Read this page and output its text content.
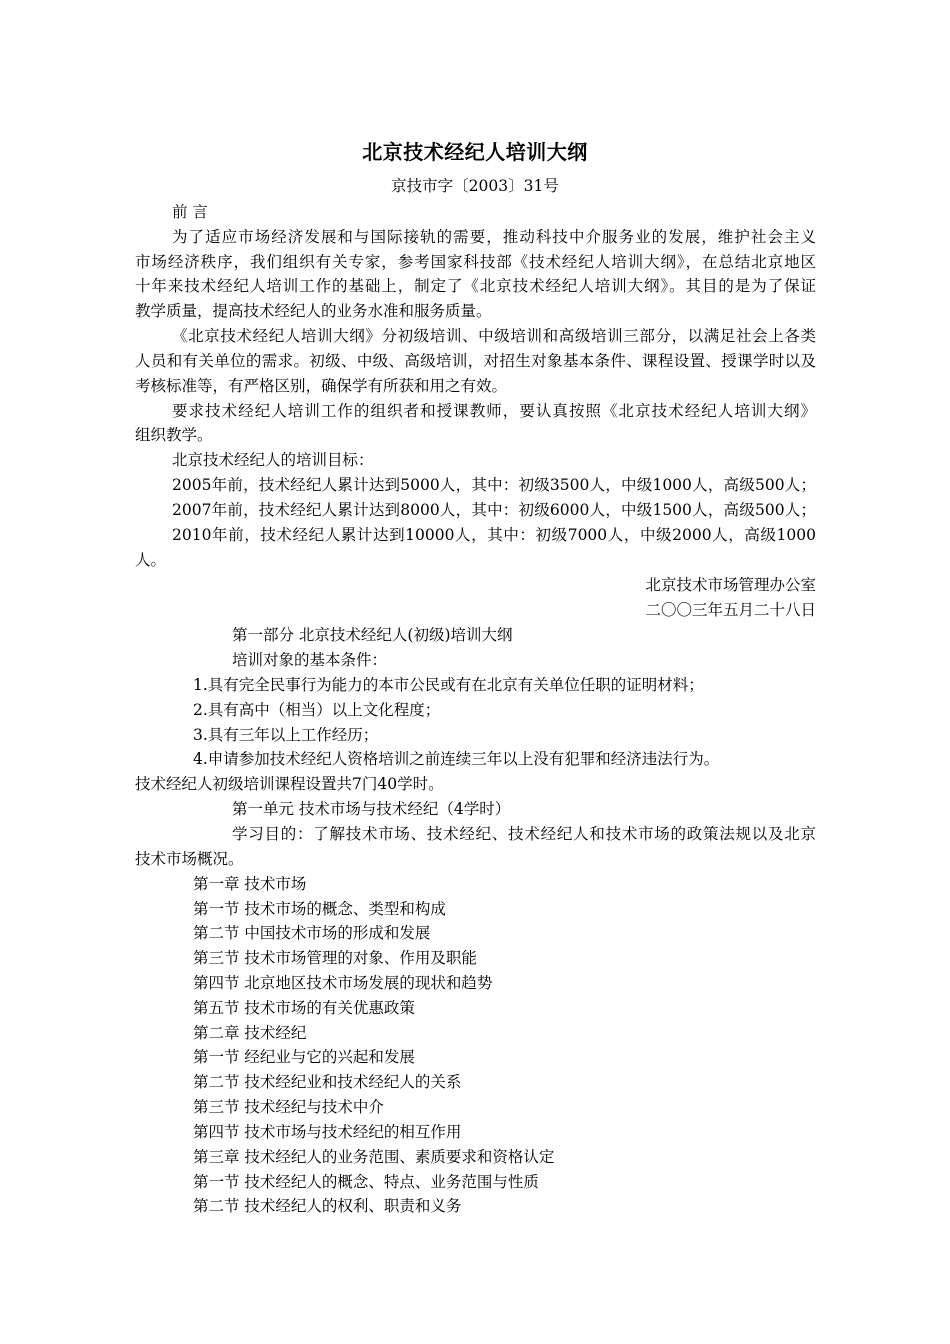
北京技术经纪人培训大纲
京技市字〔2003〕31号
前 言
为了适应市场经济发展和与国际接轨的需要，推动科技中介服务业的发展，维护社会主义
市场经济秩序，我们组织有关专家，参考国家科技部《技术经纪人培训大纲》，在总结北京地区
十年来技术经纪人培训工作的基础上，制定了《北京技术经纪人培训大纲》。其目的是为了保证
教学质量，提高技术经纪人的业务水准和服务质量。
《北京技术经纪人培训大纲》分初级培训、中级培训和高级培训三部分，以满足社会上各类
人员和有关单位的需求。初级、中级、高级培训，对招生对象基本条件、课程设置、授课学时以及
考核标准等，有严格区别，确保学有所获和用之有效。
要求技术经纪人培训工作的组织者和授课教师，要认真按照《北京技术经纪人培训大纲》
组织教学。
北京技术经纪人的培训目标：
2005年前，技术经纪人累计达到5000人，其中：初级3500人，中级1000人，高级500人；
2007年前，技术经纪人累计达到8000人，其中：初级6000人，中级1500人，高级500人；
2010年前，技术经纪人累计达到10000人，其中：初级7000人，中级2000人，高级1000
人。
北京技术市场管理办公室
二〇〇三年五月二十八日
第一部分 北京技术经纪人(初级)培训大纲
培训对象的基本条件：
1.具有完全民事行为能力的本市公民或有在北京有关单位任职的证明材料；
2.具有高中（相当）以上文化程度；
3.具有三年以上工作经历；
4.申请参加技术经纪人资格培训之前连续三年以上没有犯罪和经济违法行为。
技术经纪人初级培训课程设置共7门40学时。
第一单元 技术市场与技术经纪（4学时）
学习目的：了解技术市场、技术经纪、技术经纪人和技术市场的政策法规以及北京
技术市场概况。
第一章 技术市场
第一节 技术市场的概念、类型和构成
第二节 中国技术市场的形成和发展
第三节 技术市场管理的对象、作用及职能
第四节 北京地区技术市场发展的现状和趋势
第五节 技术市场的有关优惠政策
第二章 技术经纪
第一节 经纪业与它的兴起和发展
第二节 技术经纪业和技术经纪人的关系
第三节 技术经纪与技术中介
第四节 技术市场与技术经纪的相互作用
第三章 技术经纪人的业务范围、素质要求和资格认定
第一节 技术经纪人的概念、特点、业务范围与性质
第二节 技术经纪人的权利、职责和义务
